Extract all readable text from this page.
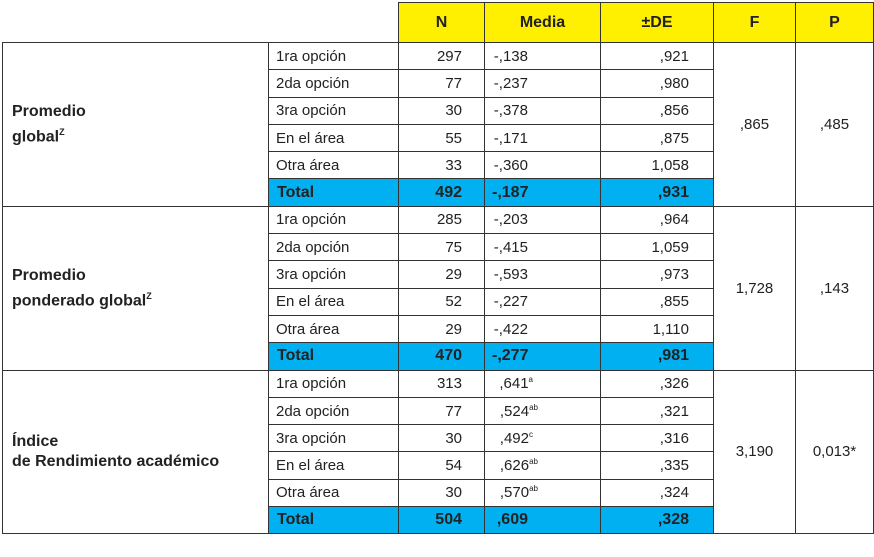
		N	Media	±DE	F	P
Promedio
global$^Z$	1ra opción	297	-,138	,921	,865	,485
	2da opción	77	-,237	,980		
	3ra opción	30	-,378	,856		
	En el área	55	-,171	,875		
	Otra área	33	-,360	1,058		
	Total	492	-,187	,931		
Promedio
ponderado global$^Z$	1ra opción	285	-,203	,964	1,728	,143
	2da opción	75	-,415	1,059		
	3ra opción	29	-,593	,973		
	En el área	52	-,227	,855		
	Otra área	29	-,422	1,110		
	Total	470	-,277	,981		
Índice
de Rendimiento académico	1ra opción	313	,641$^a$	,326	3,190	0,013*
	2da opción	77	,524$^{ab}$	,321		
	3ra opción	30	,492$^c$	,316		
	En el área	54	,626$^{ab}$	,335		
	Otra área	30	,570$^{ab}$	,324		
	Total	504	,609	,328		
